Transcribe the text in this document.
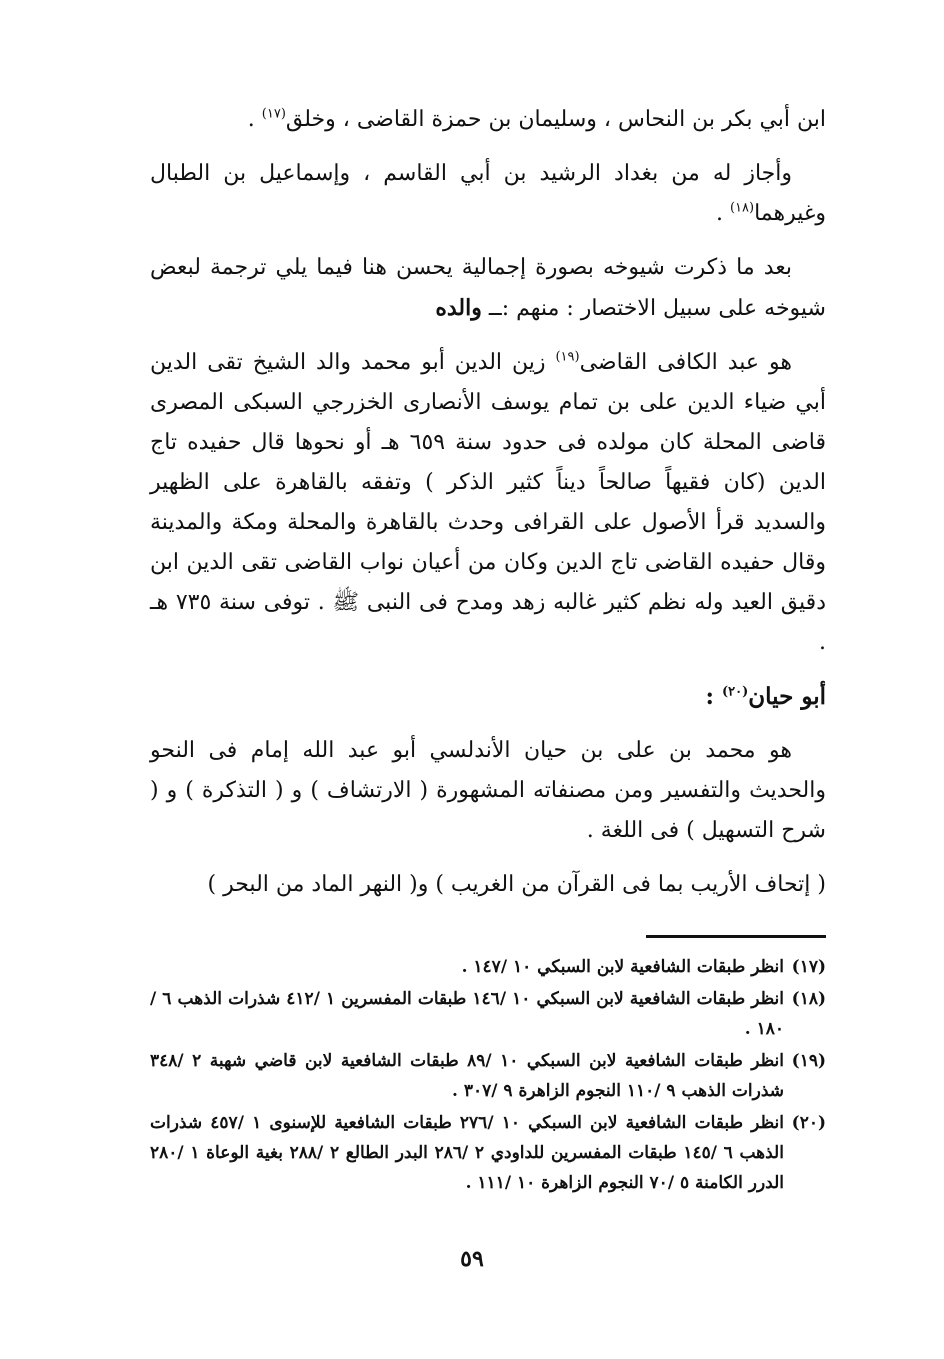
ابن أبي بكر بن النحاس ، وسليمان بن حمزة القاضى ، وخلق$^{(١٧)}$ .

وأجاز له من بغداد الرشيد بن أبي القاسم ، وإسماعيل بن الطبال وغيرهما$^{(١٨)}$ .

بعد ما ذكرت شيوخه بصورة إجمالية يحسن هنا فيما يلي ترجمة لبعض شيوخه على سبيل الاختصار : منهم :ــ والده

هو عبد الكافى القاضى$^{(١٩)}$ زين الدين أبو محمد والد الشيخ تقى الدين أبي ضياء الدين على بن تمام يوسف الأنصارى الخزرجي السبكى المصرى قاضى المحلة كان مولده فى حدود سنة ٦٥٩ هـ أو نحوها قال حفيده تاج الدين (كان فقيهاً صالحاً ديناً كثير الذكر ) وتفقه بالقاهرة على الظهير والسديد قرأ الأصول على القرافى وحدث بالقاهرة والمحلة ومكة والمدينة وقال حفيده القاضى تاج الدين وكان من أعيان نواب القاضى تقى الدين ابن دقيق العيد وله نظم كثير غالبه زهد ومدح فى النبى ﷺ . توفى سنة ٧٣٥ هـ .

أبو حيان$^{(٢٠)}$ :

هو محمد بن على بن حيان الأندلسي أبو عبد الله إمام فى النحو والحديث والتفسير ومن مصنفاته المشهورة ( الارتشاف ) و ( التذكرة ) و ( شرح التسهيل ) فى اللغة .

( إتحاف الأريب بما فى القرآن من الغريب ) و( النهر الماد من البحر )

(١٧)
انظر طبقات الشافعية لابن السبكي ١٠ /١٤٧ .
(١٨)
انظر طبقات الشافعية لابن السبكي ١٠ /١٤٦ طبقات المفسرين ١ /٤١٢ شذرات الذهب ٦ /١٨٠ .
(١٩)
انظر طبقات الشافعية لابن السبكي ١٠ /٨٩ طبقات الشافعية لابن قاضي شهبة ٢ /٣٤٨ شذرات الذهب ٩ /١١٠ النجوم الزاهرة ٩ /٣٠٧ .
(٢٠)
انظر طبقات الشافعية لابن السبكي ١٠ /٢٧٦ طبقات الشافعية للإسنوى ١ /٤٥٧ شذرات الذهب ٦ /١٤٥ طبقات المفسرين للداودي ٢ /٢٨٦ البدر الطالع ٢ /٢٨٨ بغية الوعاة ١ /٢٨٠ الدرر الكامنة ٥ /٧٠ النجوم الزاهرة ١٠ /١١١ .
٥٩
